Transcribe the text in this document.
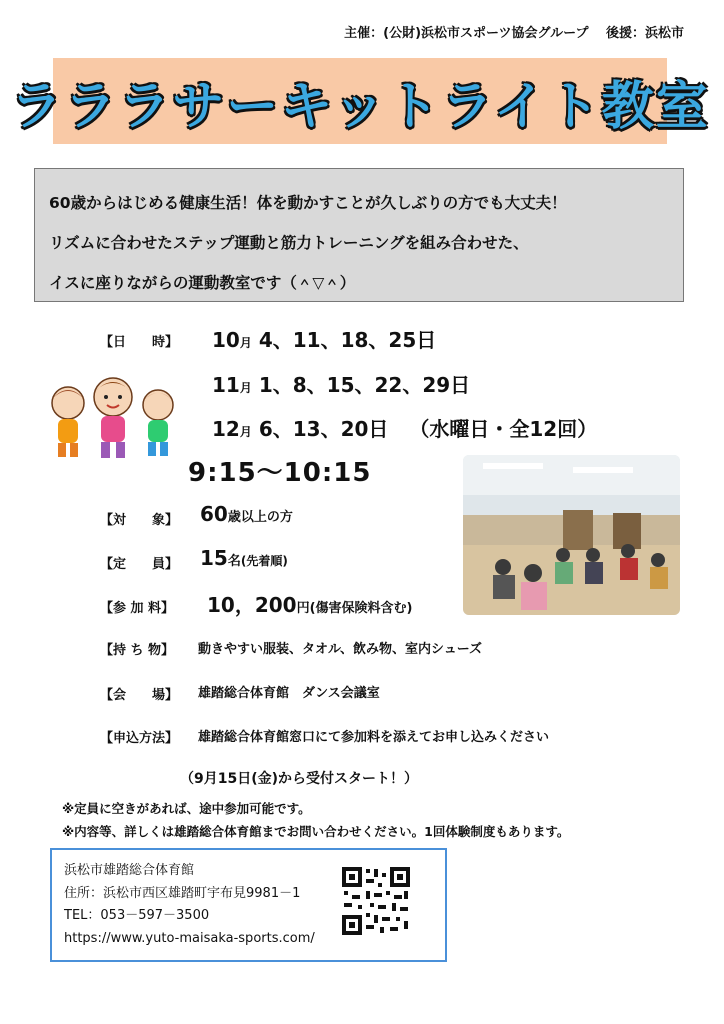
主催：(公財)浜松市スポーツ協会グループ　 後援：浜松市
ラララサーキットライト教室
60歳からはじめる健康生活！体を動かすことが久しぶりの方でも大丈夫！
リズムに合わせたステップ運動と筋力トレーニングを組み合わせた、
イスに座りながらの運動教室です（＾▽＾）
【日　　時】 10月 4、11、18、25日
11月 1、8、15、22、29日
12月 6、13、20日 （水曜日・全12回）
9:15～10:15
【対　　象】 60歳以上の方
【定　　員】 15名(先着順)
【参 加 料】 10，200円(傷害保険料含む)
【持 ち 物】 動きやすい服装、タオル、飲み物、室内シューズ
【会　　場】 雄踏総合体育館　ダンス会議室
【申込方法】 雄踏総合体育館窓口にて参加料を添えてお申し込みください
（9月15日(金)から受付スタート！）
※定員に空きがあれば、途中参加可能です。
※内容等、詳しくは雄踏総合体育館までお問い合わせください。1回体験制度もあります。
浜松市雄踏総合体育館
住所：浜松市西区雄踏町宇布見9981－1
TEL：053－597－3500
https://www.yuto-maisaka-sports.com/
